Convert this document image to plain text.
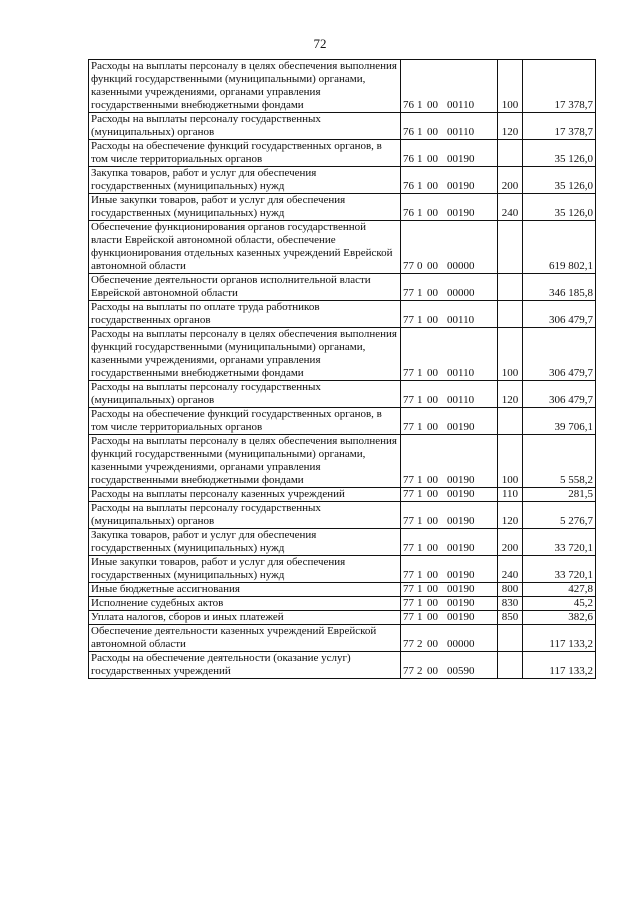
72
Расходы на выплаты персоналу в целях обеспечения выполнения функций государственными (муниципальными) органами, казенными учреждениями, органами управления государственными внебюджетными фондами	76 1 00 00110	100	17 378,7
Расходы на выплаты персоналу государственных (муниципальных) органов	76 1 00 00110	120	17 378,7
Расходы на обеспечение функций государственных органов, в том числе территориальных органов	76 1 00 00190		35 126,0
Закупка товаров, работ и услуг для обеспечения государственных (муниципальных) нужд	76 1 00 00190	200	35 126,0
Иные закупки товаров, работ и услуг для обеспечения государственных (муниципальных) нужд	76 1 00 00190	240	35 126,0
Обеспечение функционирования органов государственной власти Еврейской автономной области, обеспечение функционирования отдельных казенных учреждений Еврейской автономной области	77 0 00 00000		619 802,1
Обеспечение деятельности органов исполнительной власти Еврейской автономной области	77 1 00 00000		346 185,8
Расходы на выплаты по оплате труда работников государственных органов	77 1 00 00110		306 479,7
Расходы на выплаты персоналу в целях обеспечения выполнения функций государственными (муниципальными) органами, казенными учреждениями, органами управления государственными внебюджетными фондами	77 1 00 00110	100	306 479,7
Расходы на выплаты персоналу государственных (муниципальных) органов	77 1 00 00110	120	306 479,7
Расходы на обеспечение функций государственных органов, в том числе территориальных органов	77 1 00 00190		39 706,1
Расходы на выплаты персоналу в целях обеспечения выполнения функций государственными (муниципальными) органами, казенными учреждениями, органами управления государственными внебюджетными фондами	77 1 00 00190	100	5 558,2
Расходы на выплаты персоналу казенных учреждений	77 1 00 00190	110	281,5
Расходы на выплаты персоналу государственных (муниципальных) органов	77 1 00 00190	120	5 276,7
Закупка товаров, работ и услуг для обеспечения государственных (муниципальных) нужд	77 1 00 00190	200	33 720,1
Иные закупки товаров, работ и услуг для обеспечения государственных (муниципальных) нужд	77 1 00 00190	240	33 720,1
Иные бюджетные ассигнования	77 1 00 00190	800	427,8
Исполнение судебных актов	77 1 00 00190	830	45,2
Уплата налогов, сборов и иных платежей	77 1 00 00190	850	382,6
Обеспечение деятельности казенных учреждений Еврейской автономной области	77 2 00 00000		117 133,2
Расходы на обеспечение деятельности (оказание услуг) государственных учреждений	77 2 00 00590		117 133,2
